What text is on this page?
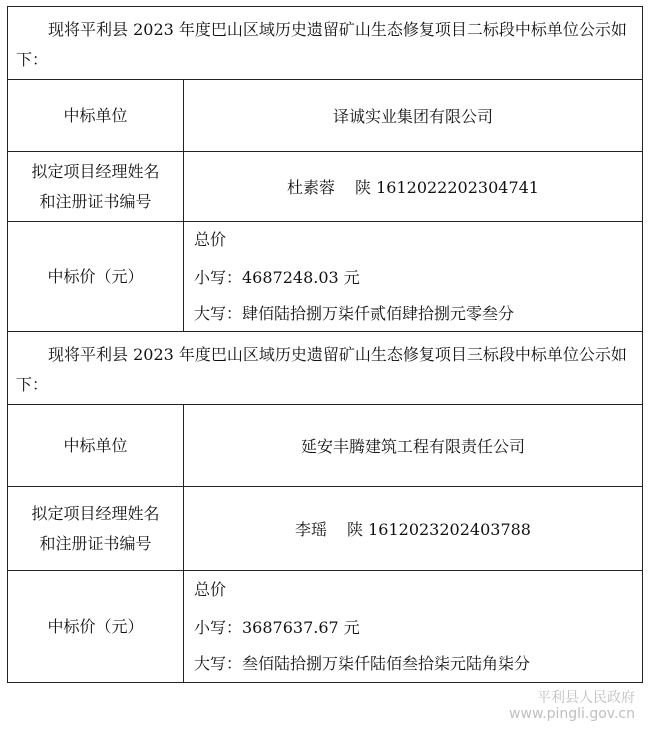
现将平利县 2023 年度巴山区域历史遗留矿山生态修复项目二标段中标单位公示如下：	

中标单位	译诚实业集团有限公司

拟定项目经理姓名
和注册证书编号	杜素蓉 陕 1612022202304741
中标价（元）	总价
小写：4687248.03 元
大写：肆佰陆拾捌万柒仟贰佰肆拾捌元零叁分

现将平利县 2023 年度巴山区域历史遗留矿山生态修复项目三标段中标单位公示如下：	

中标单位	延安丰腾建筑工程有限责任公司

拟定项目经理姓名
和注册证书编号	李瑶 陕 1612023202403788
中标价（元）	总价
小写：3687637.67 元
大写：叁佰陆拾捌万柒仟陆佰叁拾柒元陆角柒分
平利县人民政府
www.pingli.gov.cn
